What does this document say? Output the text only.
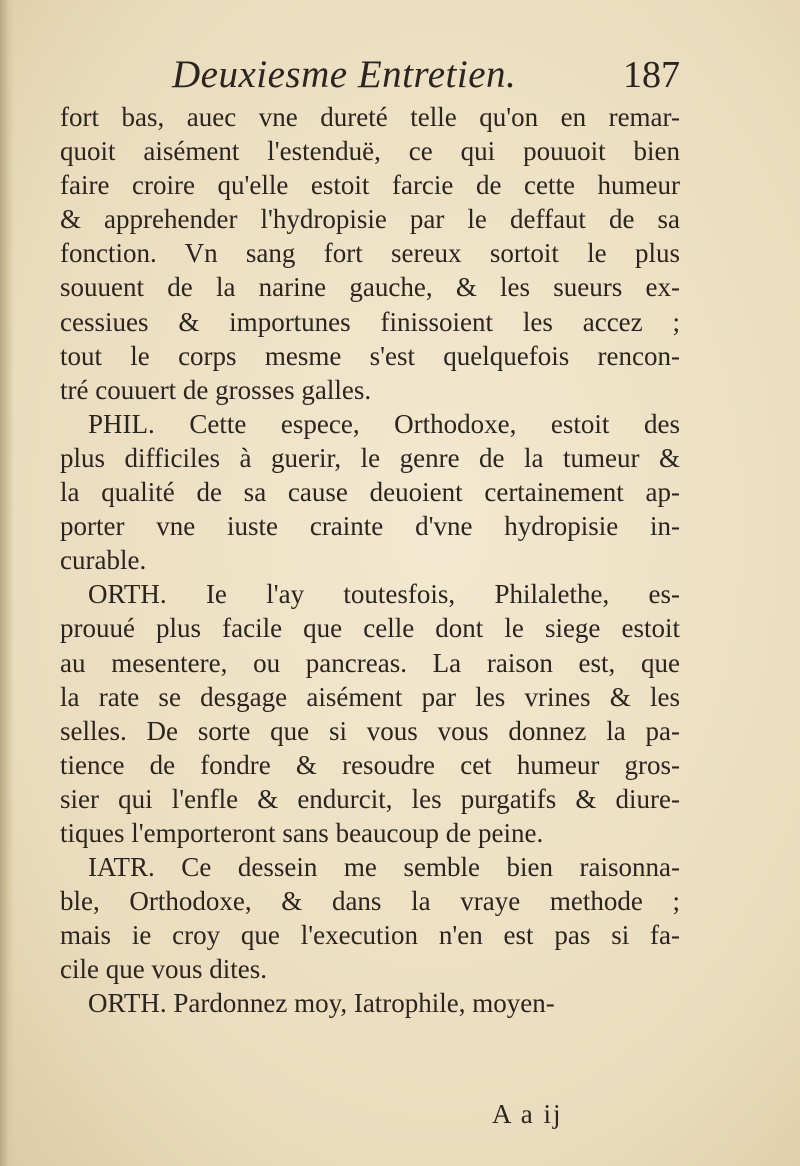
Deuxiesme Entretien.	187
fort bas, auec vne dureté telle qu'on en remar-
quoit aisément l'estenduë, ce qui pouuoit bien
faire croire qu'elle estoit farcie de cette humeur
& apprehender l'hydropisie par le deffaut de sa
fonction. Vn sang fort sereux sortoit le plus
souuent de la narine gauche, & les sueurs ex-
cessiues & importunes finissoient les accez ;
tout le corps mesme s'est quelquefois rencon-
tré couuert de grosses galles.
PHIL. Cette espece, Orthodoxe, estoit des
plus difficiles à guerir, le genre de la tumeur &
la qualité de sa cause deuoient certainement ap-
porter vne iuste crainte d'vne hydropisie in-
curable.
ORTH. Ie l'ay toutesfois, Philalethe, es-
prouué plus facile que celle dont le siege estoit
au mesentere, ou pancreas. La raison est, que
la rate se desgage aisément par les vrines & les
selles. De sorte que si vous vous donnez la pa-
tience de fondre & resoudre cet humeur gros-
sier qui l'enfle & endurcit, les purgatifs & diure-
tiques l'emporteront sans beaucoup de peine.
IATR. Ce dessein me semble bien raisonna-
ble, Orthodoxe, & dans la vraye methode ;
mais ie croy que l'execution n'en est pas si fa-
cile que vous dites.
ORTH. Pardonnez moy, Iatrophile, moyen-
A a ij
